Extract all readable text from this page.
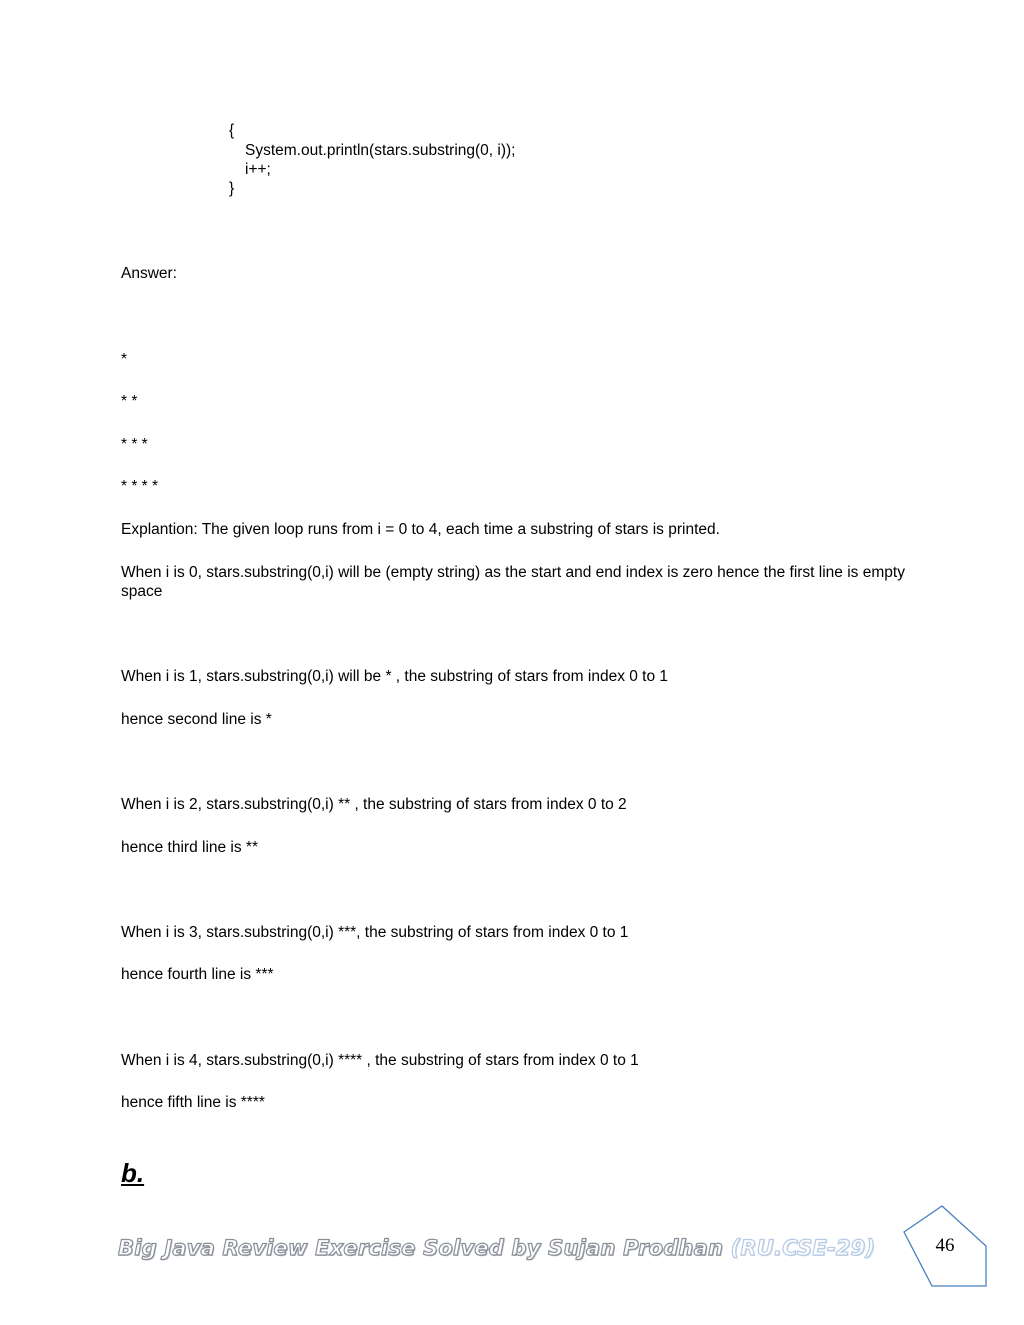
{

System.out.println(stars.substring(0, i));

i++;

}

Answer:

*

* *

* * *

* * * *

Explantion: The given loop runs from i = 0 to 4, each time a substring of stars is printed.

When i is 0, stars.substring(0,i) will be (empty string) as the start and end index is zero hence the first line is empty space

When i is 1, stars.substring(0,i) will be * , the substring of stars from index 0 to 1

hence second line is *

When i is 2, stars.substring(0,i) ** , the substring of stars from index 0 to 2

hence third line is **

When i is 3, stars.substring(0,i) ***, the substring of stars from index 0 to 1

hence fourth line is ***

When i is 4, stars.substring(0,i) **** , the substring of stars from index 0 to 1

hence fifth line is ****

b.

Big Java Review Exercise Solved by Sujan Prodhan (RU.CSE-29)	46
